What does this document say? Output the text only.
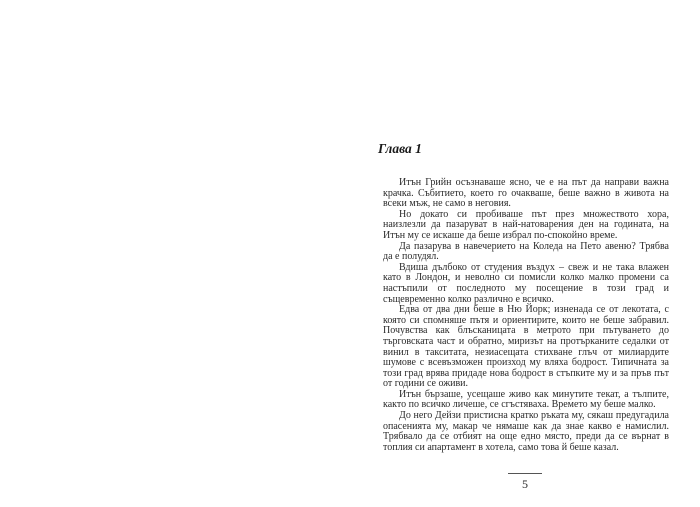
Глава 1

Итън Грийн осъзнаваше ясно, че е на път да направи важна крачка. Събитието, което го очакваше, беше важно в живота на всеки мъж, не само в неговия.

Но докато си пробиваше път през множеството хора, наизлезли да пазаруват в най-натоварения ден на годината, на Итън му се искаше да беше избрал по-спокойно време.

Да пазарува в навечерието на Коледа на Пето авеню? Трябва да е полудял.

Вдиша дълбоко от студения въздух – свеж и не така влажен като в Лондон, и неволно си помисли колко малко промени са настъпили от последното му посещение в този град и същевременно колко различно е всичко.

Едва от два дни беше в Ню Йорк; изненада се от лекотата, с която си спомняше пътя и ориентирите, които не беше забравил. Почувства как блъсканицата в метрото при пътуването до търговската част и обратно, миризът на протърканите седалки от винил в такситата, незиасещата стихване глъч от милиардите шумове с всевъзможен произход му вляха бодрост. Типичната за този град врява придаде нова бодрост в стъпките му и за пръв път от години се оживи.

Итън бързаше, усещаше живо как минутите текат, а тълпите, както по всичко личеше, се сгъстяваха. Времето му беше малко.

До него Дейзи пристисна кратко ръката му, сякаш предугадила опасенията му, макар че нямаше как да знае какво е намислил. Трябвало да се отбият на още едно място, преди да се върнат в топлия си апартамент в хотела, само това й беше казал.

5
